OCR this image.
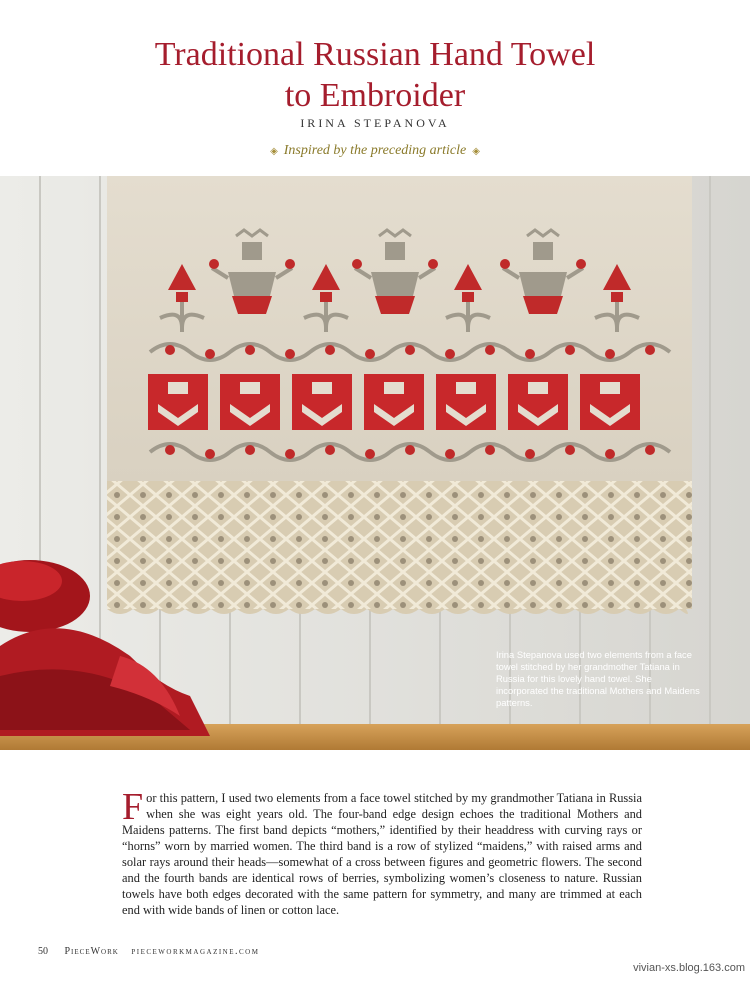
Traditional Russian Hand Towel
to Embroider
IRINA STEPANOVA
◈ Inspired by the preceding article ◈
Irina Stepanova used two elements from a face towel stitched by her grandmother Tatiana in Russia for this lovely hand towel. She incorporated the traditional Mothers and Maidens patterns.
For this pattern, I used two elements from a face towel stitched by my grandmother Tatiana in Russia when she was eight years old. The four-band edge design echoes the traditional Mothers and Maidens patterns. The first band depicts “mothers,” identified by their headdress with curving rays or “horns” worn by married women. The third band is a row of stylized “maidens,” with raised arms and solar rays around their heads—somewhat of a cross between figures and geometric flowers. The second and the fourth bands are identical rows of berries, symbolizing women’s closeness to nature. Russian towels have both edges decorated with the same pattern for symmetry, and many are trimmed at each end with wide bands of linen or cotton lace.
50 PieceWork pieceworkmagazine.com
vivian-xs.blog.163.com
